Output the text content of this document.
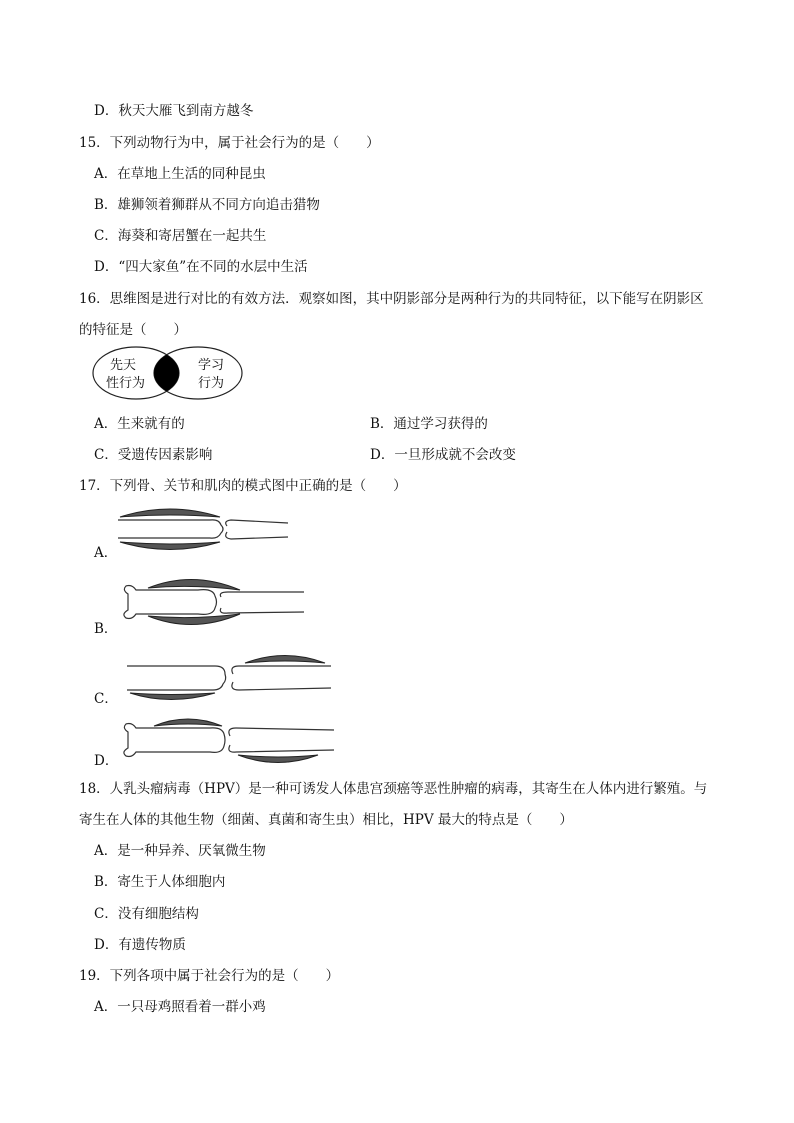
D．秋天大雁飞到南方越冬
15．下列动物行为中，属于社会行为的是（　　）
A．在草地上生活的同种昆虫
B．雄狮领着狮群从不同方向追击猎物
C．海葵和寄居蟹在一起共生
D．“四大家鱼”在不同的水层中生活
16．思维图是进行对比的有效方法．观察如图，其中阴影部分是两种行为的共同特征，以下能写在阴影区
的特征是（　　）
先天
性行为
学习
行为
A．生来就有的	B．通过学习获得的
C．受遗传因素影响	D．一旦形成就不会改变
17．下列骨、关节和肌肉的模式图中正确的是（　　）
A．
B．
C．
D．
18．人乳头瘤病毒（HPV）是一种可诱发人体患宫颈癌等恶性肿瘤的病毒，其寄生在人体内进行繁殖。与
寄生在人体的其他生物（细菌、真菌和寄生虫）相比，HPV 最大的特点是（　　）
A．是一种异养、厌氧微生物
B．寄生于人体细胞内
C．没有细胞结构
D．有遗传物质
19．下列各项中属于社会行为的是（　　）
A．一只母鸡照看着一群小鸡
